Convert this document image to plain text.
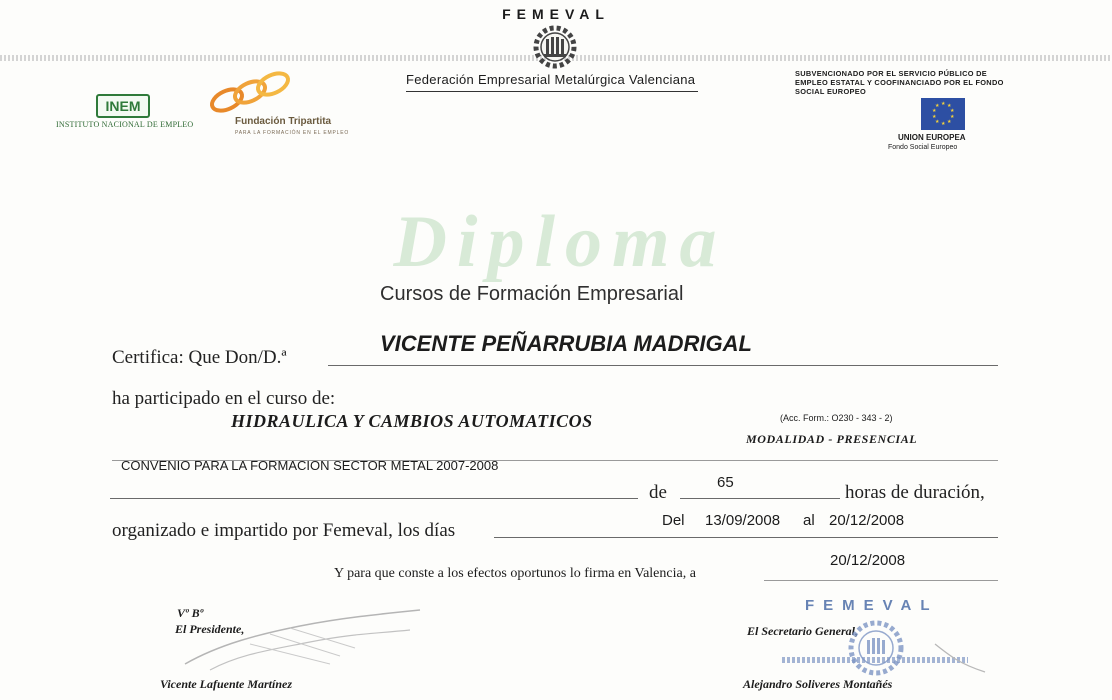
FEMEVAL
Federación Empresarial Metalúrgica Valenciana
INEM
INSTITUTO NACIONAL DE EMPLEO	Fundación Tripartita
PARA LA FORMACIÓN EN EL EMPLEO
SUBVENCIONADO POR EL SERVICIO PÚBLICO DE EMPLEO ESTATAL Y COOFINANCIADO POR EL FONDO SOCIAL EUROPEO
★ ★
★
★
★
★
★
★
★
★
UNION EUROPEA
Fondo Social Europeo
Diploma
Cursos de Formación Empresarial
Certifica: Que Don/D.ª
VICENTE PEÑARRUBIA MADRIGAL
ha participado en el curso de:
HIDRAULICA Y CAMBIOS AUTOMATICOS	(Acc. Form.: O230 - 343 - 2)
MODALIDAD - PRESENCIAL
CONVENIO PARA LA FORMACION SECTOR METAL 2007-2008
de	65	horas de duración,
organizado e impartido por Femeval, los días	Del 13/09/2008 al 20/12/2008
Y para que conste a los efectos oportunos lo firma en Valencia, a
20/12/2008
Vº Bº
El Presidente,
Vicente Lafuente Martínez
FEMEVAL
El Secretario General,
Alejandro Soliveres Montañés
